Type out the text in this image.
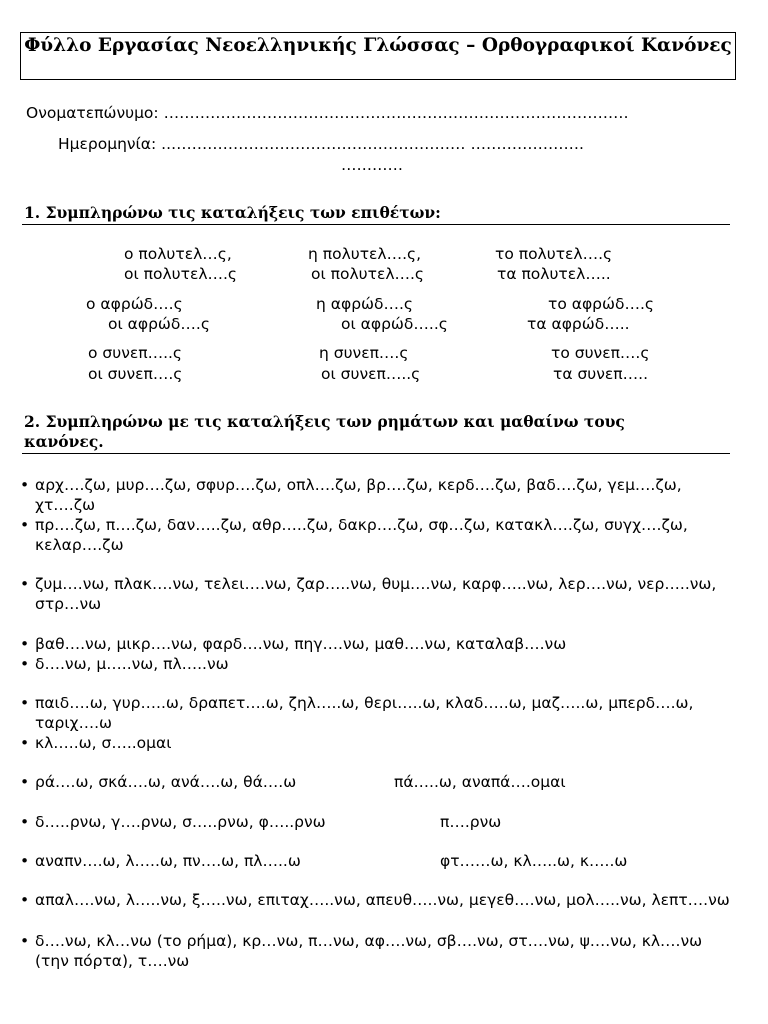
Φύλλο Εργασίας Νεοελληνικής Γλώσσας – Ορθογραφικοί Κανόνες
Ονοματεπώνυμο: ………………………………………………………………………………
Ημερομηνία: ..………………………………………………… ………………….
…………
1. Συμπληρώνω τις καταλήξεις των επιθέτων:
ο πολυτελ…ς,	η πολυτελ….ς,	το πολυτελ….ς
οι πολυτελ….ς	οι πολυτελ….ς	τα πολυτελ…..
ο αφρώδ….ς	η αφρώδ….ς	το αφρώδ….ς
οι αφρώδ….ς	οι αφρώδ…..ς	τα αφρώδ…..
ο συνεπ…..ς	η συνεπ….ς	το συνεπ….ς
οι συνεπ….ς	οι συνεπ…..ς	τα συνεπ…..
2. Συμπληρώνω με τις καταλήξεις των ρημάτων και μαθαίνω τους
κανόνες.
• αρχ….ζω, μυρ….ζω, σφυρ….ζω, οπλ….ζω, βρ….ζω, κερδ….ζω, βαδ….ζω, γεμ….ζω, χτ….ζω
• πρ….ζω, π….ζω, δαν…..ζω, αθρ…..ζω, δακρ….ζω, σφ…ζω, κατακλ….ζω, συγχ….ζω, κελαρ….ζω
• ζυμ….νω, πλακ….νω, τελει….νω, ζαρ…..νω, θυμ….νω, καρφ…..νω, λερ….νω, νερ…..νω, στρ…νω
• βαθ….νω, μικρ….νω, φαρδ….νω, πηγ….νω, μαθ….νω, καταλαβ….νω
• δ….νω, μ…..νω, πλ…..νω
• παιδ….ω, γυρ…..ω, δραπετ….ω, ζηλ…..ω, θερι…..ω, κλαδ…..ω, μαζ…..ω, μπερδ….ω, ταριχ….ω
• κλ…..ω, σ…..ομαι
• ρά….ω, σκά….ω, ανά….ω, θά….ω	πά…..ω, αναπά….ομαι
• δ…..ρνω, γ….ρνω, σ…..ρνω, φ…..ρνω	π….ρνω
• αναπν….ω, λ…..ω, πν….ω, πλ…..ω	φτ……ω, κλ…..ω, κ…..ω
• απαλ….νω, λ…..νω, ξ…..νω, επιταχ…..νω, απευθ…..νω, μεγεθ….νω, μολ…..νω, λεπτ….νω
• δ….νω, κλ…νω (το ρήμα), κρ…νω, π…νω, αφ….νω, σβ….νω, στ….νω, ψ….νω, κλ….νω (την πόρτα), τ….νω
